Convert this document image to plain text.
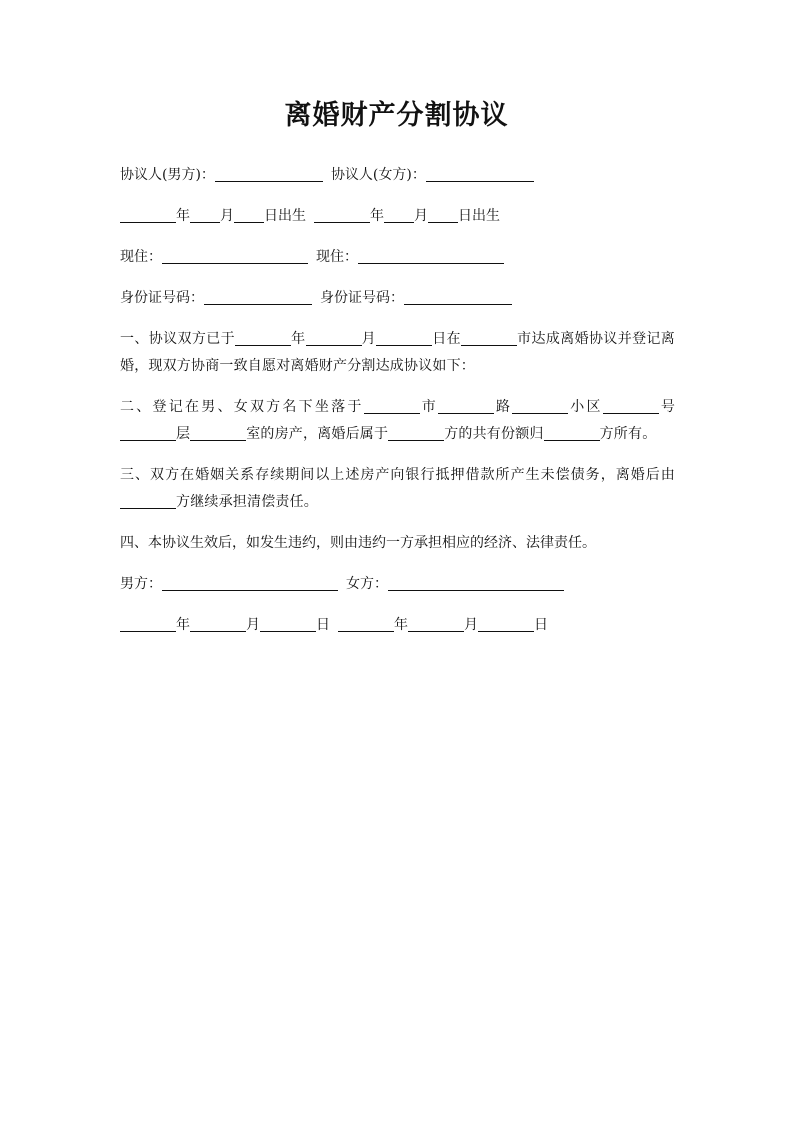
离婚财产分割协议

协议人(男方)：	协议人(女方)：

年 月 日出生	年 月 日出生

现住：	现住：

身份证号码：	身份证号码：

一、协议双方已于	年	月	日在	市达成离婚协议并登记离婚，现双方协商一致自愿对离婚财产分割达成协议如下：

二、登记在男、女双方名下坐落于	市	路	小区	号层	室的房产，离婚后属于	方的共有份额归	方所有。

三、双方在婚姻关系存续期间以上述房产向银行抵押借款所产生未偿债务，离婚后由方继续承担清偿责任。

四、本协议生效后，如发生违约，则由违约一方承担相应的经济、法律责任。

男方：	女方：

年	月	日	年	月	日
